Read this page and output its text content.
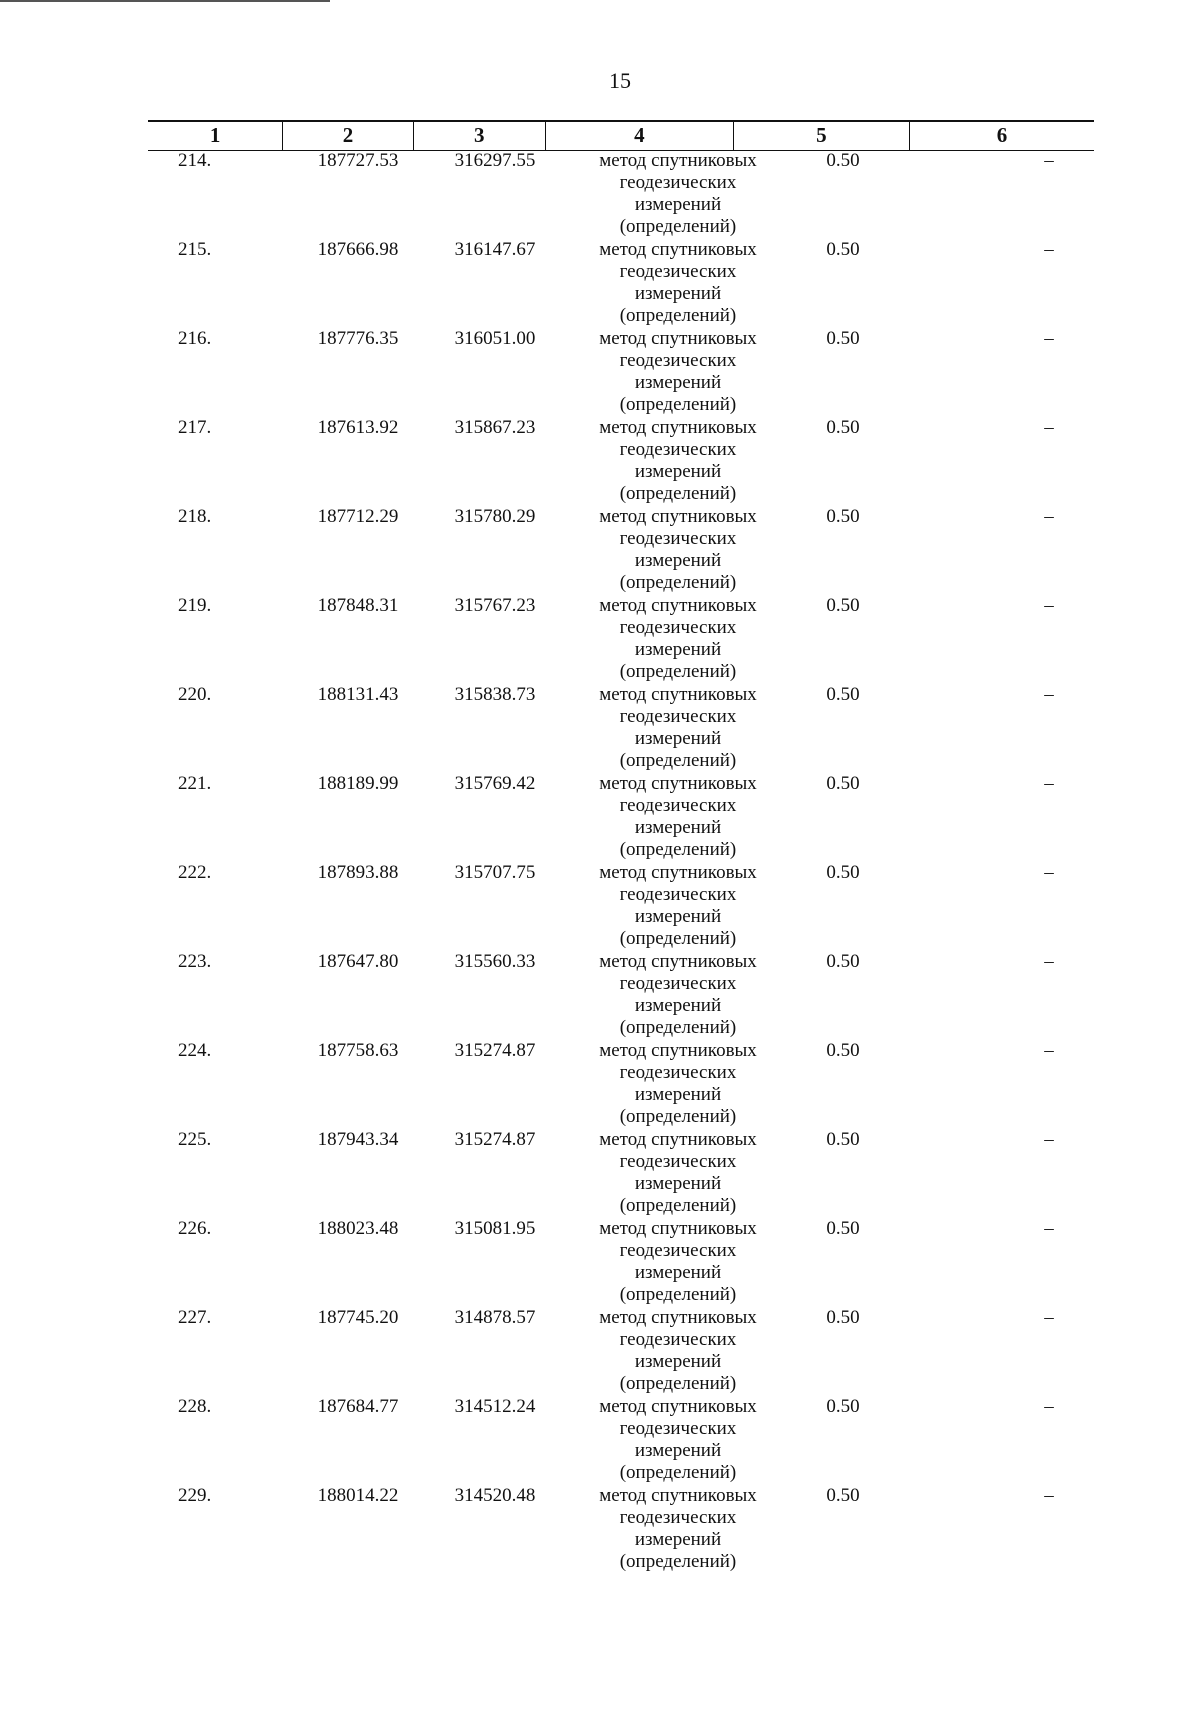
15
1	2	3	4	5	6
214.	187727.53	316297.55	метод спутниковых
геодезических
измерений
(определений)
0.50	–
215.	187666.98	316147.67	метод спутниковых
геодезических
измерений
(определений)
0.50	–
216.	187776.35	316051.00	метод спутниковых
геодезических
измерений
(определений)
0.50	–
217.	187613.92	315867.23	метод спутниковых
геодезических
измерений
(определений)
0.50	–
218.	187712.29	315780.29	метод спутниковых
геодезических
измерений
(определений)
0.50	–
219.	187848.31	315767.23	метод спутниковых
геодезических
измерений
(определений)
0.50	–
220.	188131.43	315838.73	метод спутниковых
геодезических
измерений
(определений)
0.50	–
221.	188189.99	315769.42	метод спутниковых
геодезических
измерений
(определений)
0.50	–
222.	187893.88	315707.75	метод спутниковых
геодезических
измерений
(определений)
0.50	–
223.	187647.80	315560.33	метод спутниковых
геодезических
измерений
(определений)
0.50	–
224.	187758.63	315274.87	метод спутниковых
геодезических
измерений
(определений)
0.50	–
225.	187943.34	315274.87	метод спутниковых
геодезических
измерений
(определений)
0.50	–
226.	188023.48	315081.95	метод спутниковых
геодезических
измерений
(определений)
0.50	–
227.	187745.20	314878.57	метод спутниковых
геодезических
измерений
(определений)
0.50	–
228.	187684.77	314512.24	метод спутниковых
геодезических
измерений
(определений)
0.50	–
229.	188014.22	314520.48	метод спутниковых
геодезических
измерений
(определений)
0.50	–
